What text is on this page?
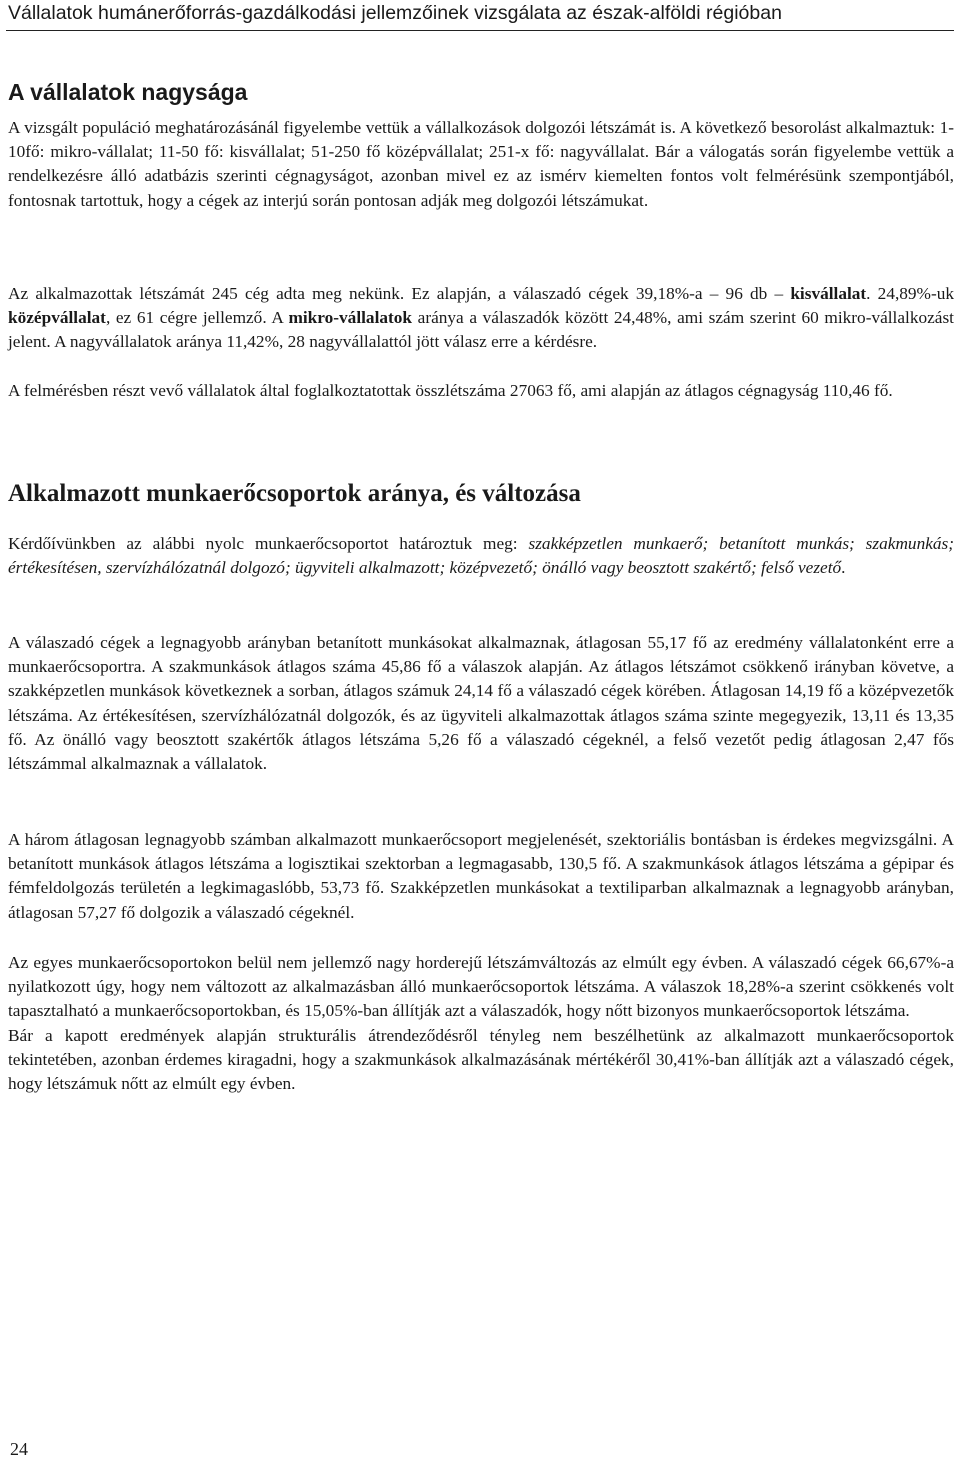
Vállalatok humánerőforrás-gazdálkodási jellemzőinek vizsgálata az észak-alföldi régióban
A vállalatok nagysága

A vizsgált populáció meghatározásánál figyelembe vettük a vállalkozások dolgozói létszámát is. A következő besorolást alkalmaztuk: 1-10fő: mikro-vállalat; 11-50 fő: kisvállalat; 51-250 fő középvállalat; 251-x fő: nagyvállalat. Bár a válogatás során figyelembe vettük a rendelkezésre álló adatbázis szerinti cégnagyságot, azonban mivel ez az ismérv kiemelten fontos volt felmérésünk szempontjából, fontosnak tartottuk, hogy a cégek az interjú során pontosan adják meg dolgozói létszámukat.

Az alkalmazottak létszámát 245 cég adta meg nekünk. Ez alapján, a válaszadó cégek 39,18%-a – 96 db – kisvállalat. 24,89%-uk középvállalat, ez 61 cégre jellemző. A mikro-vállalatok aránya a válaszadók között 24,48%, ami szám szerint 60 mikro-vállalkozást jelent. A nagyvállalatok aránya 11,42%, 28 nagyvállalattól jött válasz erre a kérdésre.

A felmérésben részt vevő vállalatok által foglalkoztatottak összlétszáma 27063 fő, ami alapján az átlagos cégnagyság 110,46 fő.

Alkalmazott munkaerőcsoportok aránya, és változása

Kérdőívünkben az alábbi nyolc munkaerőcsoportot határoztuk meg: szakképzetlen munkaerő; betanított munkás; szakmunkás; értékesítésen, szervízhálózatnál dolgozó; ügyviteli alkalmazott; középvezető; önálló vagy beosztott szakértő; felső vezető.

A válaszadó cégek a legnagyobb arányban betanított munkásokat alkalmaznak, átlagosan 55,17 fő az eredmény vállalatonként erre a munkaerőcsoportra. A szakmunkások átlagos száma 45,86 fő a válaszok alapján. Az átlagos létszámot csökkenő irányban követve, a szakképzetlen munkások következnek a sorban, átlagos számuk 24,14 fő a válaszadó cégek körében. Átlagosan 14,19 fő a középvezetők létszáma. Az értékesítésen, szervízhálózatnál dolgozók, és az ügyviteli alkalmazottak átlagos száma szinte megegyezik, 13,11 és 13,35 fő. Az önálló vagy beosztott szakértők átlagos létszáma 5,26 fő a válaszadó cégeknél, a felső vezetőt pedig átlagosan 2,47 fős létszámmal alkalmaznak a vállalatok.

A három átlagosan legnagyobb számban alkalmazott munkaerőcsoport megjelenését, szektoriális bontásban is érdekes megvizsgálni. A betanított munkások átlagos létszáma a logisztikai szektorban a legmagasabb, 130,5 fő. A szakmunkások átlagos létszáma a gépipar és fémfeldolgozás területén a legkimagaslóbb, 53,73 fő. Szakképzetlen munkásokat a textiliparban alkalmaznak a legnagyobb arányban, átlagosan 57,27 fő dolgozik a válaszadó cégeknél.

Az egyes munkaerőcsoportokon belül nem jellemző nagy horderejű létszámváltozás az elmúlt egy évben. A válaszadó cégek 66,67%-a nyilatkozott úgy, hogy nem változott az alkalmazásban álló munkaerőcsoportok létszáma. A válaszok 18,28%-a szerint csökkenés volt tapasztalható a munkaerőcsoportokban, és 15,05%-ban állítják azt a válaszadók, hogy nőtt bizonyos munkaerőcsoportok létszáma.

Bár a kapott eredmények alapján strukturális átrendeződésről tényleg nem beszélhetünk az alkalmazott munkaerőcsoportok tekintetében, azonban érdemes kiragadni, hogy a szakmunkások alkalmazásának mértékéről 30,41%-ban állítják azt a válaszadó cégek, hogy létszámuk nőtt az elmúlt egy évben.

24
